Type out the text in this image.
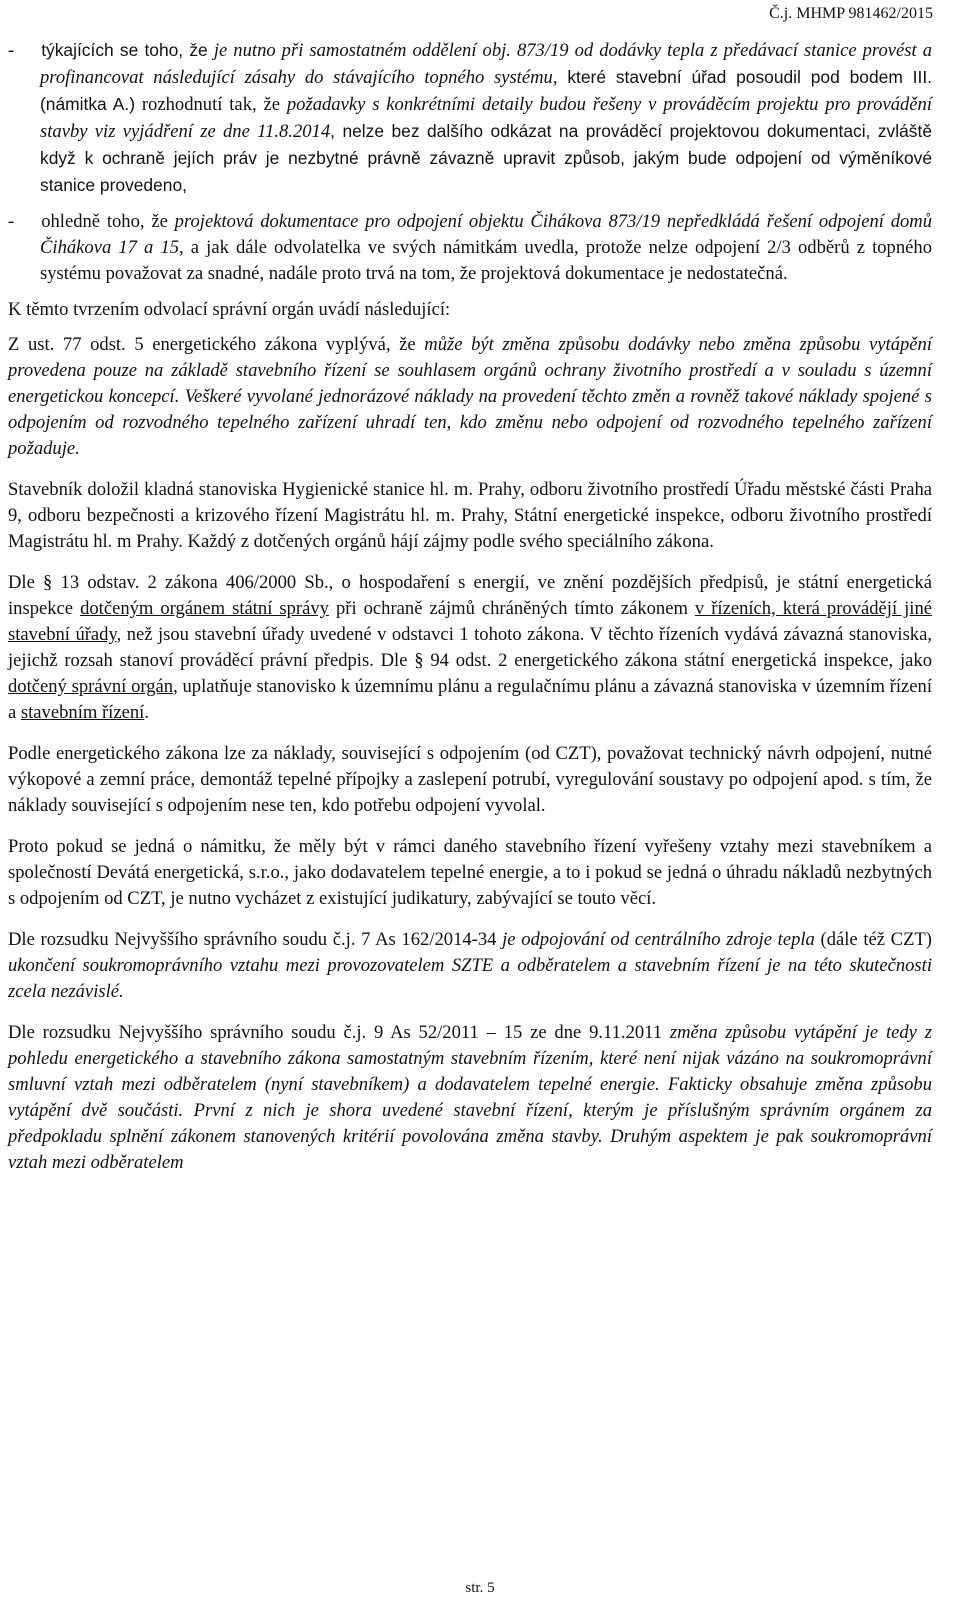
Č.j. MHMP 981462/2015

- týkajících se toho, že je nutno při samostatném oddělení obj. 873/19 od dodávky tepla z předávací stanice provést a profinancovat následující zásahy do stávajícího topného systému, které stavební úřad posoudil pod bodem III. (námitka A.) rozhodnutí tak, že požadavky s konkrétními detaily budou řešeny v prováděcím projektu pro provádění stavby viz vyjádření ze dne 11.8.2014, nelze bez dalšího odkázat na prováděcí projektovou dokumentaci, zvláště když k ochraně jejích práv je nezbytné právně závazně upravit způsob, jakým bude odpojení od výměníkové stanice provedeno,

- ohledně toho, že projektová dokumentace pro odpojení objektu Čihákova 873/19 nepředkládá řešení odpojení domů Čihákova 17 a 15, a jak dále odvolatelka ve svých námitkám uvedla, protože nelze odpojení 2/3 odběrů z topného systému považovat za snadné, nadále proto trvá na tom, že projektová dokumentace je nedostatečná.

K těmto tvrzením odvolací správní orgán uvádí následující:

Z ust. 77 odst. 5 energetického zákona vyplývá, že může být změna způsobu dodávky nebo změna způsobu vytápění provedena pouze na základě stavebního řízení se souhlasem orgánů ochrany životního prostředí a v souladu s územní energetickou koncepcí. Veškeré vyvolané jednorázové náklady na provedení těchto změn a rovněž takové náklady spojené s odpojením od rozvodného tepelného zařízení uhradí ten, kdo změnu nebo odpojení od rozvodného tepelného zařízení požaduje.

Stavebník doložil kladná stanoviska Hygienické stanice hl. m. Prahy, odboru životního prostředí Úřadu městské části Praha 9, odboru bezpečnosti a krizového řízení Magistrátu hl. m. Prahy, Státní energetické inspekce, odboru životního prostředí Magistrátu hl. m Prahy. Každý z dotčených orgánů hájí zájmy podle svého speciálního zákona.

Dle § 13 odstav. 2 zákona 406/2000 Sb., o hospodaření s energií, ve znění pozdějších předpisů, je státní energetická inspekce dotčeným orgánem státní správy při ochraně zájmů chráněných tímto zákonem v řízeních, která provádějí jiné stavební úřady, než jsou stavební úřady uvedené v odstavci 1 tohoto zákona. V těchto řízeních vydává závazná stanoviska, jejichž rozsah stanoví prováděcí právní předpis. Dle § 94 odst. 2 energetického zákona státní energetická inspekce, jako dotčený správní orgán, uplatňuje stanovisko k územnímu plánu a regulačnímu plánu a závazná stanoviska v územním řízení a stavebním řízení.

Podle energetického zákona lze za náklady, související s odpojením (od CZT), považovat technický návrh odpojení, nutné výkopové a zemní práce, demontáž tepelné přípojky a zaslepení potrubí, vyregulování soustavy po odpojení apod. s tím, že náklady související s odpojením nese ten, kdo potřebu odpojení vyvolal.

Proto pokud se jedná o námitku, že měly být v rámci daného stavebního řízení vyřešeny vztahy mezi stavebníkem a společností Devátá energetická, s.r.o., jako dodavatelem tepelné energie, a to i pokud se jedná o úhradu nákladů nezbytných s odpojením od CZT, je nutno vycházet z existující judikatury, zabývající se touto věcí.

Dle rozsudku Nejvyššího správního soudu č.j. 7 As 162/2014-34 je odpojování od centrálního zdroje tepla (dále též CZT) ukončení soukromoprávního vztahu mezi provozovatelem SZTE a odběratelem a stavebním řízení je na této skutečnosti zcela nezávislé.

Dle rozsudku Nejvyššího správního soudu č.j. 9 As 52/2011 – 15 ze dne 9.11.2011 změna způsobu vytápění je tedy z pohledu energetického a stavebního zákona samostatným stavebním řízením, které není nijak vázáno na soukromoprávní smluvní vztah mezi odběratelem (nyní stavebníkem) a dodavatelem tepelné energie. Fakticky obsahuje změna způsobu vytápění dvě součásti. První z nich je shora uvedené stavební řízení, kterým je příslušným správním orgánem za předpokladu splnění zákonem stanovených kritérií povolována změna stavby. Druhým aspektem je pak soukromoprávní vztah mezi odběratelem

str. 5
